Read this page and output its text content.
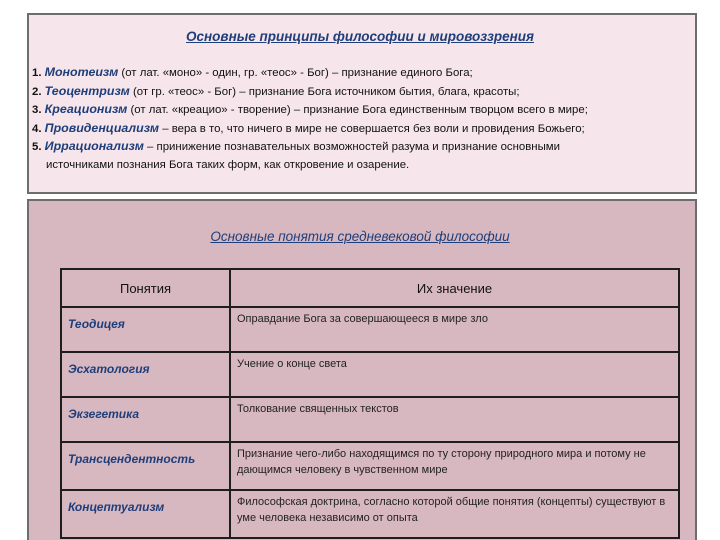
Основные принципы философии и мировоззрения
1. Монотеизм (от лат. «моно» - один, гр. «теос» - Бог) – признание единого Бога;
2. Теоцентризм (от гр. «теос» - Бог) – признание Бога источником бытия, блага, красоты;
3. Креационизм (от лат. «креацио» - творение) – признание Бога единственным творцом всего в мире;
4. Провиденциализм – вера в то, что ничего в мире не совершается без воли и провидения Божьего;
5. Иррационализм – принижение познавательных возможностей разума и признание основными
источниками познания Бога таких форм, как откровение и озарение.
Основные понятия средневековой философии
Понятия	Их значение
Теодицея	Оправдание Бога за совершающееся в мире зло
Эсхатология	Учение о конце света
Экзегетика	Толкование священных текстов
Трансцендентность	Признание чего-либо находящимся по ту сторону природного мира и потому не дающимся человеку в чувственном мире
Концептуализм	Философская доктрина, согласно которой общие понятия (концепты) существуют в уме человека независимо от опыта
